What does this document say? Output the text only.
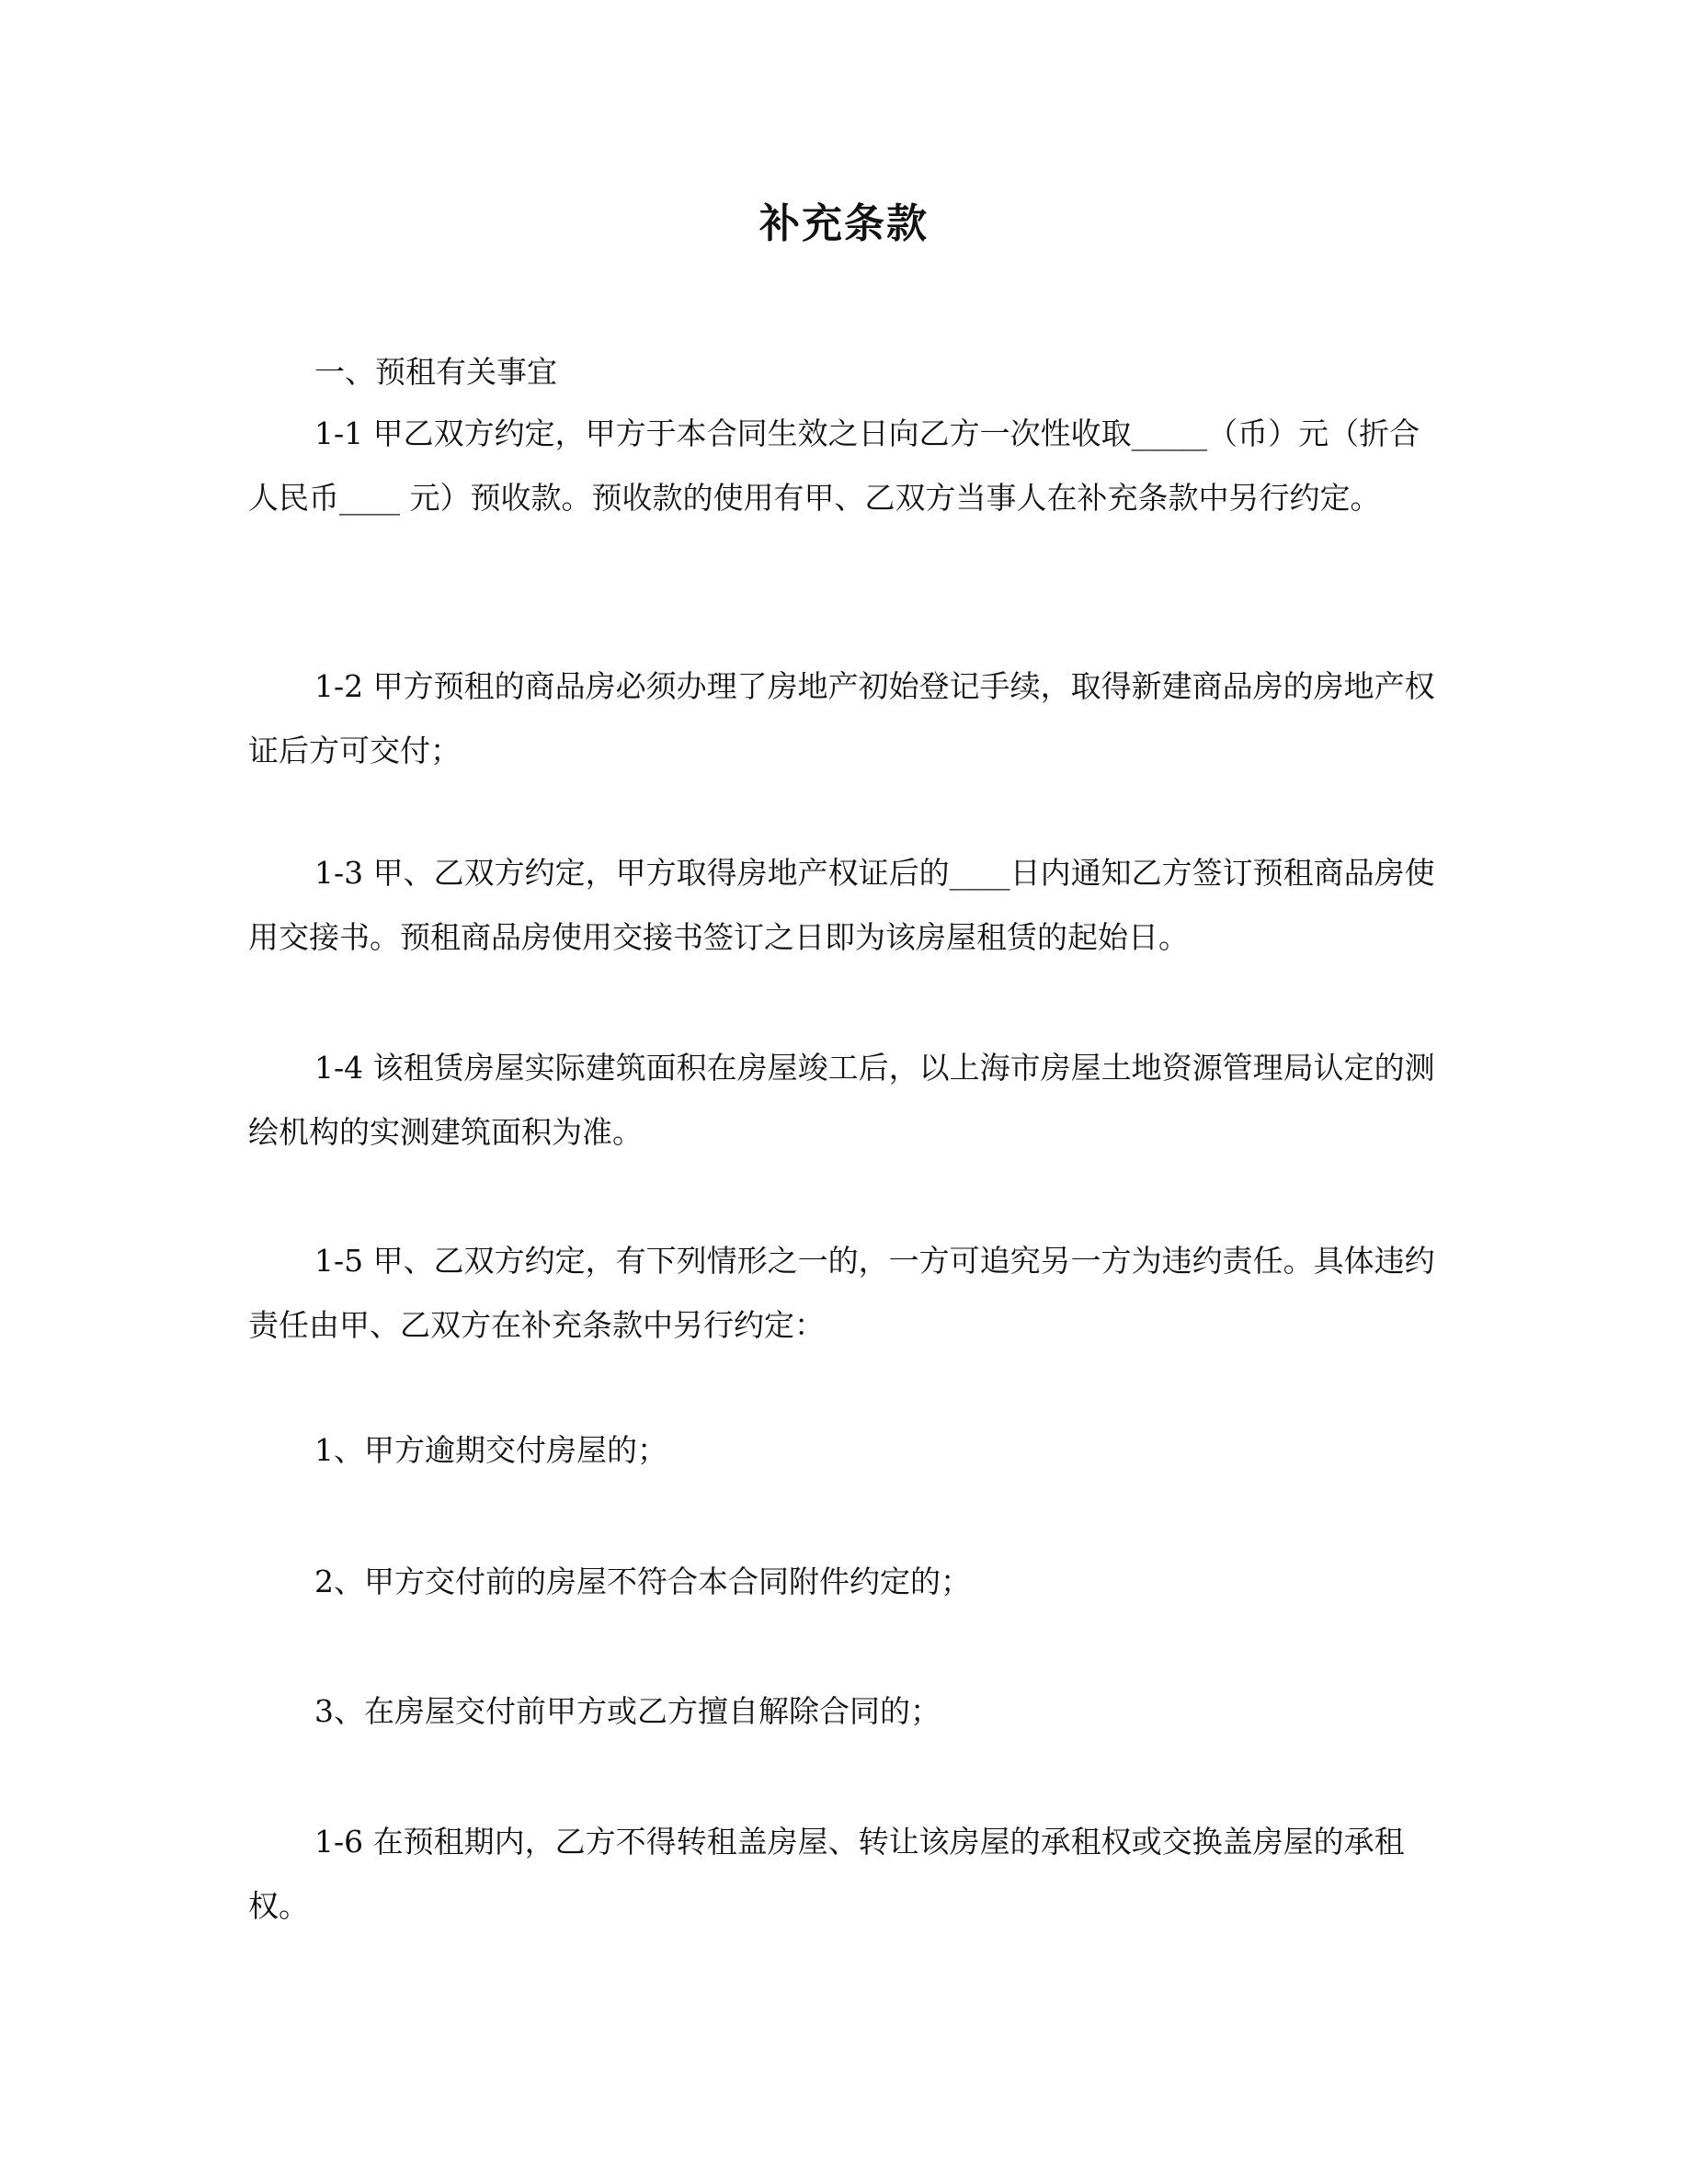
补充条款

一、预租有关事宜

1-1 甲乙双方约定，甲方于本合同生效之日向乙方一次性收取_____（币）元（折合人民币____ 元）预收款。预收款的使用有甲、乙双方当事人在补充条款中另行约定。

1-2 甲方预租的商品房必须办理了房地产初始登记手续，取得新建商品房的房地产权证后方可交付；

1-3 甲、乙双方约定，甲方取得房地产权证后的____日内通知乙方签订预租商品房使用交接书。预租商品房使用交接书签订之日即为该房屋租赁的起始日。

1-4 该租赁房屋实际建筑面积在房屋竣工后，以上海市房屋土地资源管理局认定的测绘机构的实测建筑面积为准。

1-5 甲、乙双方约定，有下列情形之一的，一方可追究另一方为违约责任。具体违约责任由甲、乙双方在补充条款中另行约定：

1、甲方逾期交付房屋的；

2、甲方交付前的房屋不符合本合同附件约定的；

3、在房屋交付前甲方或乙方擅自解除合同的；

1-6 在预租期内，乙方不得转租盖房屋、转让该房屋的承租权或交换盖房屋的承租权。
